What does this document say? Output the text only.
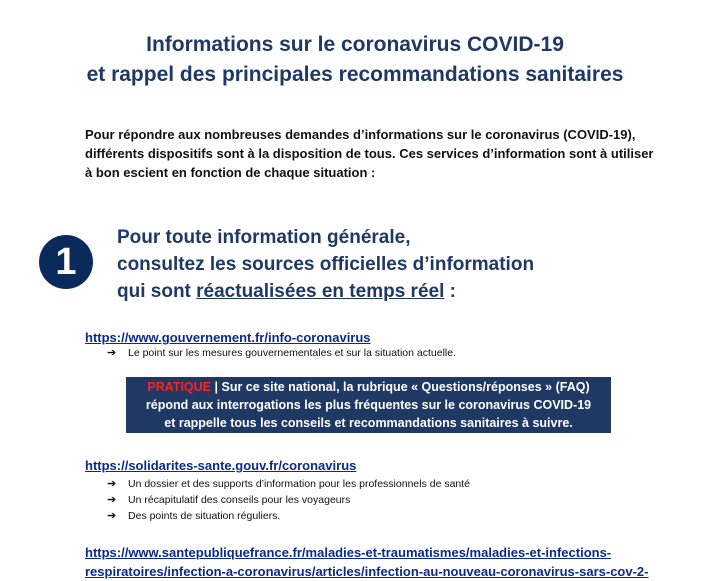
Informations sur le coronavirus COVID-19
et rappel des principales recommandations sanitaires
Pour répondre aux nombreuses demandes d’informations sur le coronavirus (COVID-19),
différents dispositifs sont à la disposition de tous. Ces services d’information sont à utiliser
à bon escient en fonction de chaque situation :
1
Pour toute information générale,
consultez les sources officielles d’information
qui sont réactualisées en temps réel :
https://www.gouvernement.fr/info-coronavirus
➔ Le point sur les mesures gouvernementales et sur la situation actuelle.
PRATIQUE | Sur ce site national, la rubrique « Questions/réponses » (FAQ)
répond aux interrogations les plus fréquentes sur le coronavirus COVID-19
et rappelle tous les conseils et recommandations sanitaires à suivre.
https://solidarites-sante.gouv.fr/coronavirus
➔ Un dossier et des supports d’information pour les professionnels de santé
➔ Un récapitulatif des conseils pour les voyageurs
➔ Des points de situation réguliers.
https://www.santepubliquefrance.fr/maladies-et-traumatismes/maladies-et-infections-
respiratoires/infection-a-coronavirus/articles/infection-au-nouveau-coronavirus-sars-cov-2-
